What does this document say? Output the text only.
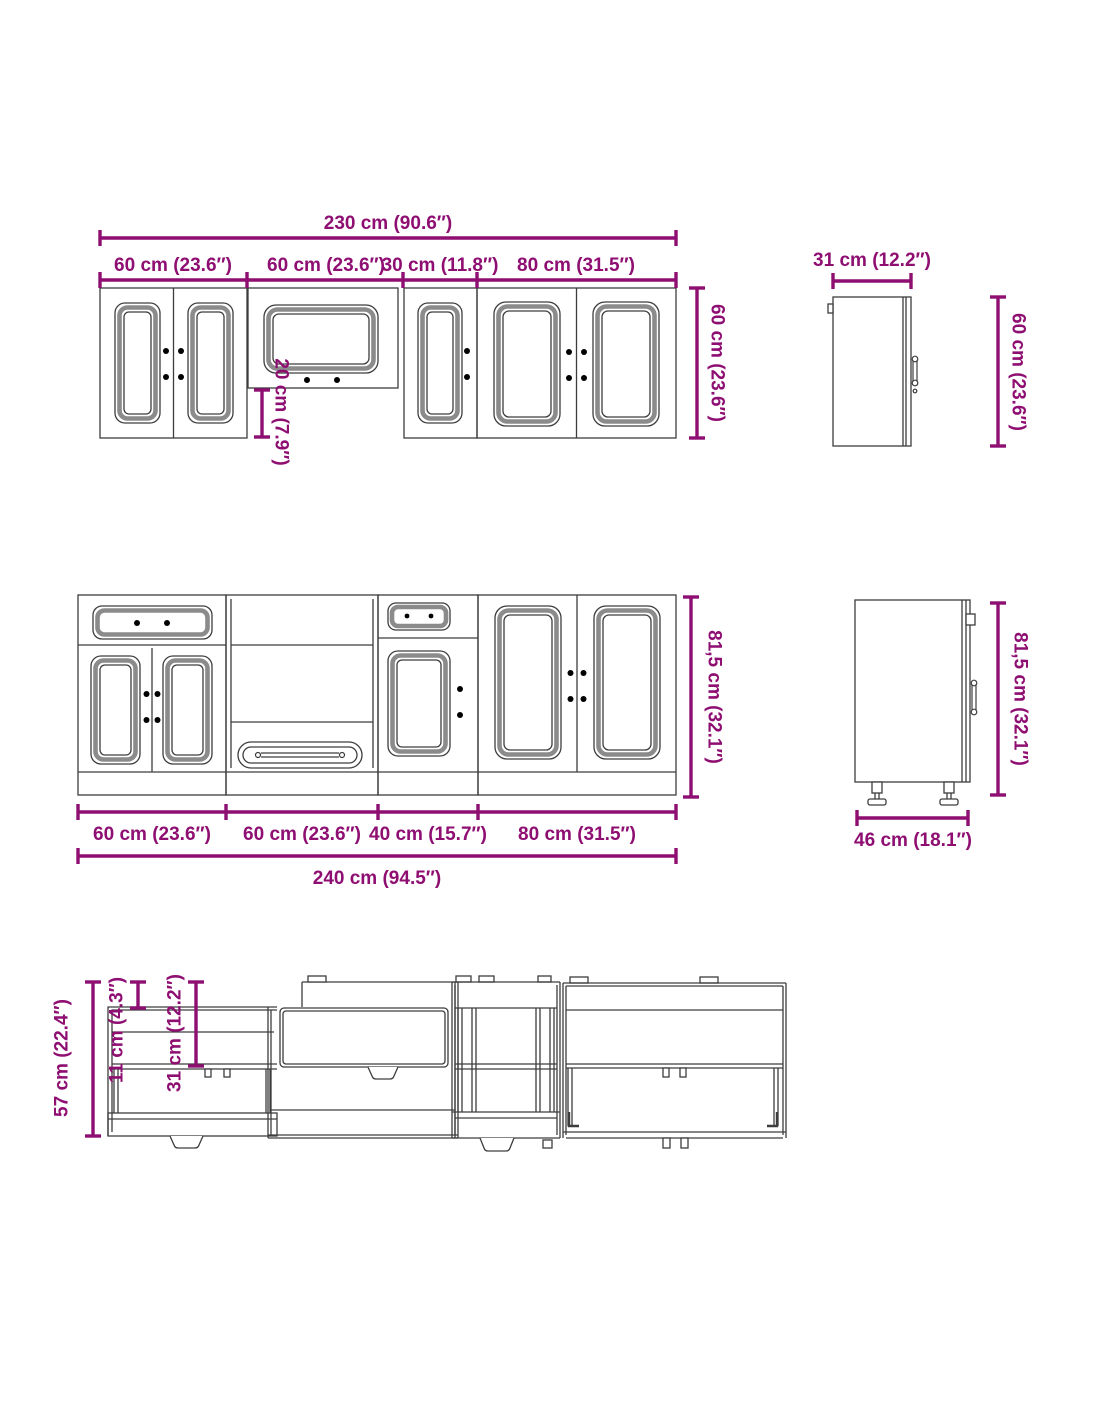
230 cm (90.6″)
60 cm (23.6″) 60 cm (23.6″)
30 cm (11.8″) 80 cm (31.5″)
20 cm (7.9″)	60 cm (23.6″)
31 cm (12.2″)
60 cm (23.6″)
81,5 cm (32.1″)
60 cm (23.6″) 60 cm (23.6″) 40 cm (15.7″) 80 cm (31.5″)
240 cm (94.5″)
46 cm (18.1″)
81,5 cm (32.1″)
57 cm (22.4″) 11 cm (4.3″) 31 cm (12.2″)
